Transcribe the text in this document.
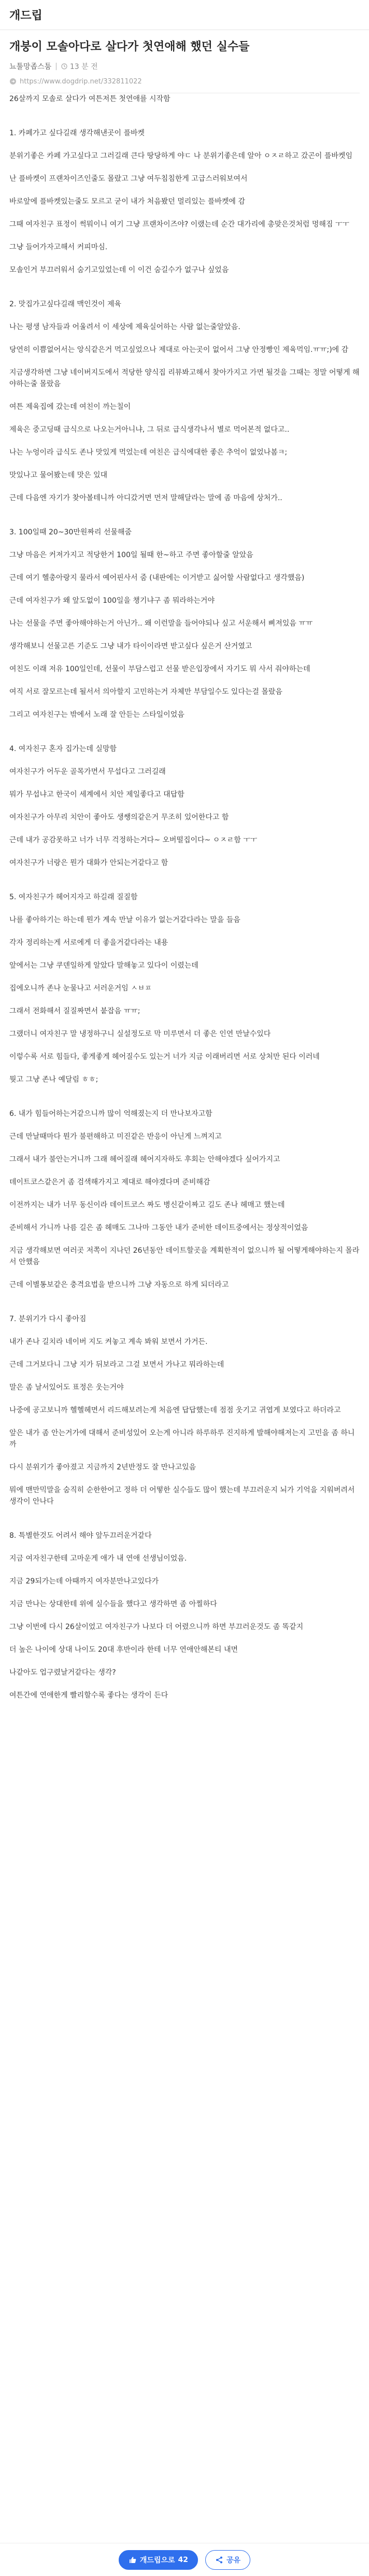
개드립
개붕이 모솔아다로 살다가 첫연애해 했던 실수들
뇨툴망좁스툼 | 13 분 전
https://www.dogdrip.net/332811022

26살까지 모솔로 살다가 여튼저튼 첫연애를 시작함

1. 카페가고 싶다길래 생각해낸곳이 플바켓

분위기좋은 카페 가고싶다고 그러길래 큰다 땅당하게 야ㄷ 나 분위기좋은데 알아 ㅇㅈㄹ하고 갔곤이 플바켓임

난 플바켓이 프랜차이즈인줄도 몰랐고 그냥 여두침침한게 고급스러워보여서

바로앞에 플바켓있는줄도 모르고 굳이 내가 처음봤던 멀리있는 플바켓에 감

그때 여자친구 표정이 썩뭐이니 여기 그냥 프랜차이즈야? 이랬는데 순간 대가리에 총맞은것처럼 멍해짐 ㅜㅜ

그냥 들어가자고해서 커피마심.

모솔인거 부끄러워서 숨기고있었는데 이 이건 숨길수가 없구나 싶었음

2. 맛집가고싶다길래 맥인것이 제육

나는 평생 남자들과 어울려서 이 세상에 제육실어하는 사람 없는줄알았음.

당연히 이쁨없어서는 앙식같은거 먹고싶었으나 제대로 아는곳이 없어서 그냥 안정빵인 제육먹임.ㅠㅠ;)에 감

지금생각하면 그냥 네이버지도에서 적당한 양식집 리뷰봐고해서 찾아가지고 가면 될것을 그때는 정말 어떻게 해야하는줄 몰랐음

여튼 제육집에 갔는데 여친이 까는칠이

제육은 중고딩때 급식으로 나오는거아니냐, 그 뒤로 급식생각나서 별로 먹어본적 없다고..

나는 누엉이라 급식도 존나 맛있게 먹었는데 여친은 급식에대한 좋은 추억이 없었나봄ㅋ;

맛있나고 물어봤는데 맛은 있대

근데 다음엔 자기가 찾아볼테니까 아디갔거면 먼저 말해달라는 말에 좀 마음에 상처가..

3. 100일때 20~30만원짜리 선물해줌

그냥 마음은 커져가지고 적당한거 100일 될때 한~하고 주면 좋아할줄 알았음

근데 여기 헬총아랑지 물라서 예어핀사서 줌 (내판에는 이거받고 싫어할 사람없다고 생각했음)

근데 여자친구가 왜 앞도없이 100일을 챙기냐구 좀 뭐라하는거야

나는 선물을 주면 좋아해야하는거 아닌가.. 왜 이런말을 들어야되나 싶고 서운해서 삐져있음 ㅠㅠ

생각해보니 선물고른 기준도 그냥 내가 타이이라면 받고싶다 싶은거 산거였고

여친도 이래 저유 100일인데, 선물이 부담스럽고 선물 받은입장에서 자기도 뭐 사서 줘야하는데

여직 서로 잘모르는데 될서서 의아할지 고민하는거 자체만 부담일수도 있다는걸 몰랐음

그리고 여자친구는 밖에서 노래 잘 안듣는 스타일이었음

4. 여자친구 혼자 집가는데 실망함

여자친구가 어두운 골목가면서 무섭다고 그러길래

뭐가 무섭냐고 한국이 세계에서 치안 제일좋다고 대답함

여자친구가 아무리 치안이 좋아도 생쌩의같은거 무조히 있어한다고 함

근데 내가 공감못하고 너가 너무 걱정하는거다~ 오버떨집이다~ ㅇㅈㄹ함 ㅜㅜ

여자친구가 너랑은 뭔가 대화가 안되는거같다고 함

5. 여자친구가 헤어지자고 하길래 질질함

나를 좋아하기는 하는데 뭔가 계속 만날 이유가 없는거같다라는 말을 들음

각자 정리하는게 서로에게 더 좋을거같다라는 내용

앞에서는 그냥 쿠덴일하게 알았다 말해놓고 있다이 이렸는데

집에오니까 존나 눈물나고 서러운거임 ㅅㅂㅍ

그래서 전화해서 질질짜면서 붙잡음 ㅠㅠ;

그랬더니 여자친구 말 냉정하구니 실설정도로 막 미루면서 더 좋은 인연 만날수있다

이렇수록 서로 힘들다, 좋게좋게 헤어질수도 있는거 너가 지금 이래버리면 서로 상처만 된다 이러네

뭣고 그냥 존나 예달림 ㅎㅎ;

6. 내가 힘들어하는거같으니까 많이 억해졌는지 더 만나보자고함

근데 만날때마다 뭔가 불편해하고 미진같은 반응이 아닌게 느껴지고

그래서 내가 불안는거니까 그래 헤어질래 헤어지자하도 후회는 안해야겠다 싶어가지고

데이트코스같은거 좀 검색해가지고 제대로 해야겠다며 준비해감

이전까지는 내가 너무 동신이라 데이트코스 짜도 병신같이짜고 길도 존나 헤매고 했는데

준비해서 가니까 나름 길은 좀 헤매도 그나마 그동안 내가 준비한 데이트중에서는 정상적이었음

지금 생각해보면 여러곳 저쪽이 지나던 26년동안 데이트할곳을 계획한적이 없으니까 될 어떻게해야하는지 몰라서 안했음

근데 이별통보같은 충격요법을 받으니까 그냥 자동으로 하게 되더라고

7. 분위기가 다시 좋아짐

내가 존나 길치라 네이버 지도 켜놓고 계속 봐워 보면서 가거든.

근데 그거보다니 그냥 지가 뒤보라고 그걸 보면서 가나고 뭐라하는데

말은 좀 날서있어도 표정은 웃는거야

나중에 공고보니까 헬헬헤면서 리드해보려는게 처음엔 답답했는데 점점 웃기고 귀엽게 보였다고 하더라고

앞은 내가 좀 안는거가에 대해서 준비성있어 오는게 아니라 하루하루 진지하게 발해야해져는지 고민을 좀 하니까

다시 분위기가 좋아졌고 지금까지 2년반정도 잘 만나고있음

뭐에 맨만믹말을 숨직히 순한한어고 정하 더 어떻한 실수들도 많이 했는데 부끄러운지 뇌가 기억을 지워버려서 생각이 안나다

8. 특별한것도 어려서 해야 앞두끄러운거같다

지금 여자친구한테 고마운게 애가 내 연애 선생님이었음.

지금 29되가는데 아때까지 여자분만나고있다가

지금 만나는 상대한테 위에 실수들을 했다고 생각하면 좀 아찔하다

그냥 이번에 다시 26살이었고 여자친구가 나보다 더 어렸으니까 하면 부끄러운것도 좀 똑같지

더 높은 나이에 상대 나이도 20대 후반이라 한테 너무 연애안해본티 내면

나같아도 업구렸날거같다는 생각?

여튼간에 연애한게 빨리할수록 좋다는 생각이 든다

개드립으로 42	공유
